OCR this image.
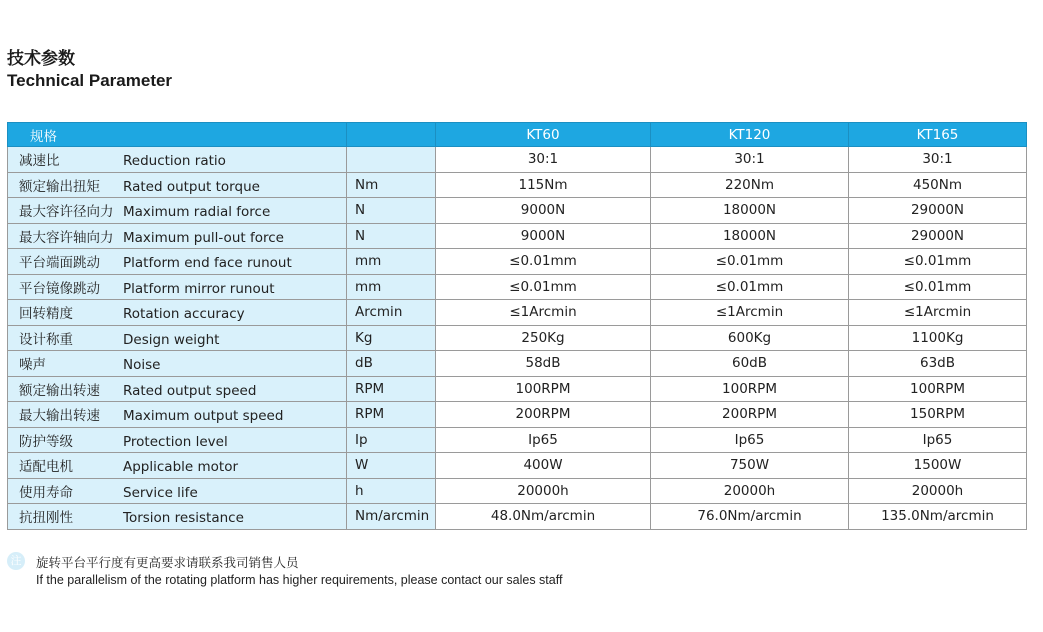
技术参数
Technical Parameter
规格		KT60	KT120	KT165
减速比 Reduction ratio		30:1	30:1	30:1
额定输出扭矩 Rated output torque	Nm	115Nm	220Nm	450Nm
最大容许径向力 Maximum radial force	N	9000N	18000N	29000N
最大容许轴向力 Maximum pull-out force	N	9000N	18000N	29000N
平台端面跳动 Platform end face runout	mm	≤0.01mm	≤0.01mm	≤0.01mm
平台镜像跳动 Platform mirror runout	mm	≤0.01mm	≤0.01mm	≤0.01mm
回转精度 Rotation accuracy	Arcmin	≤1Arcmin	≤1Arcmin	≤1Arcmin
设计称重 Design weight	Kg	250Kg	600Kg	1100Kg
噪声 Noise	dB	58dB	60dB	63dB
额定输出转速 Rated output speed	RPM	100RPM	100RPM	100RPM
最大输出转速 Maximum output speed	RPM	200RPM	200RPM	150RPM
防护等级 Protection level	Ip	Ip65	Ip65	Ip65
适配电机 Applicable motor	W	400W	750W	1500W
使用寿命 Service life	h	20000h	20000h	20000h
抗扭刚性 Torsion resistance	Nm/arcmin	48.0Nm/arcmin	76.0Nm/arcmin	135.0Nm/arcmin
注 旋转平台平行度有更高要求请联系我司销售人员
If the parallelism of the rotating platform has higher requirements, please contact our sales staff
